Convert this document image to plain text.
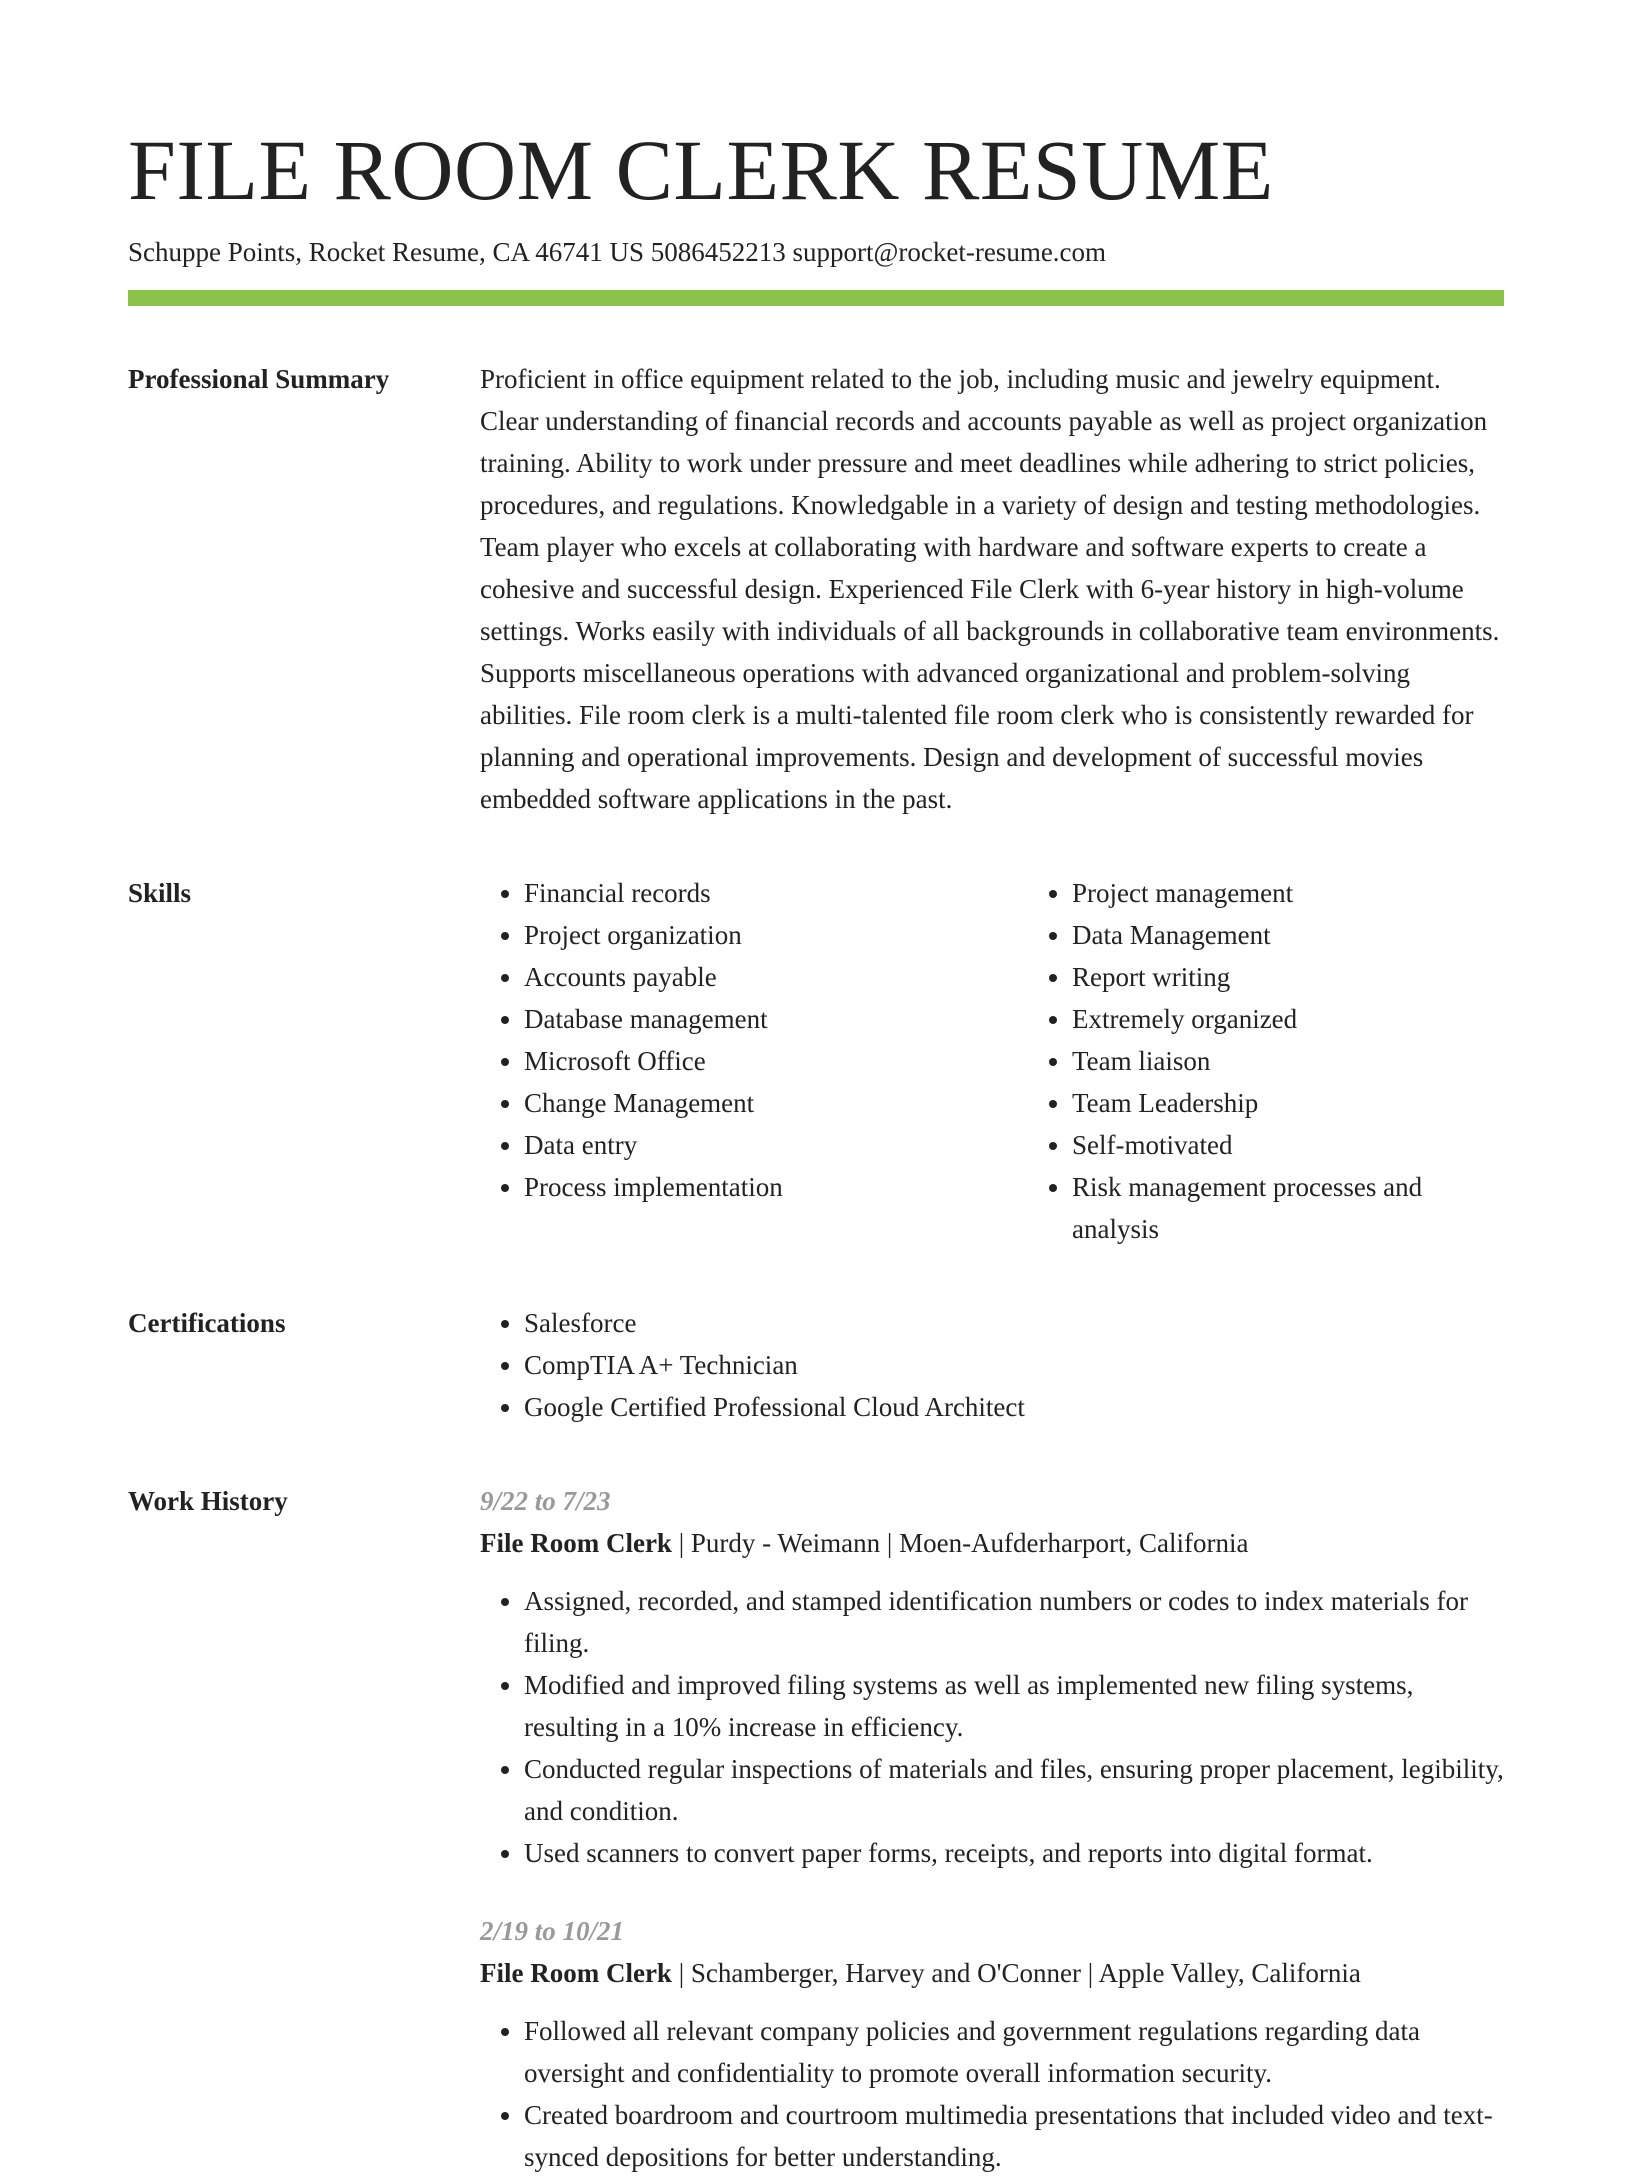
FILE ROOM CLERK RESUME
Schuppe Points, Rocket Resume, CA 46741 US 5086452213 support@rocket-resume.com
Professional Summary	Proficient in office equipment related to the job, including music and jewelry equipment. Clear understanding of financial records and accounts payable as well as project organization training. Ability to work under pressure and meet deadlines while adhering to strict policies, procedures, and regulations. Knowledgable in a variety of design and testing methodologies. Team player who excels at collaborating with hardware and software experts to create a cohesive and successful design. Experienced File Clerk with 6-year history in high-volume settings. Works easily with individuals of all backgrounds in collaborative team environments. Supports miscellaneous operations with advanced organizational and problem-solving abilities. File room clerk is a multi-talented file room clerk who is consistently rewarded for planning and operational improvements. Design and development of successful movies embedded software applications in the past.

Skills	• Financial records
• Project organization
• Accounts payable
• Database management
• Microsoft Office
• Change Management
• Data entry
• Process implementation
• Project management
• Data Management
• Report writing
• Extremely organized
• Team liaison
• Team Leadership
• Self-motivated
• Risk management processes and analysis
Certifications	• Salesforce
• CompTIA A+ Technician
• Google Certified Professional Cloud Architect
Work History	9/22 to 7/23
File Room Clerk | Purdy - Weimann | Moen-Aufderharport, California
• Assigned, recorded, and stamped identification numbers or codes to index materials for filing.
• Modified and improved filing systems as well as implemented new filing systems, resulting in a 10% increase in efficiency.
• Conducted regular inspections of materials and files, ensuring proper placement, legibility, and condition.
• Used scanners to convert paper forms, receipts, and reports into digital format.
2/19 to 10/21
File Room Clerk | Schamberger, Harvey and O'Conner | Apple Valley, California
• Followed all relevant company policies and government regulations regarding data oversight and confidentiality to promote overall information security.
• Created boardroom and courtroom multimedia presentations that included video and text-synced depositions for better understanding.
